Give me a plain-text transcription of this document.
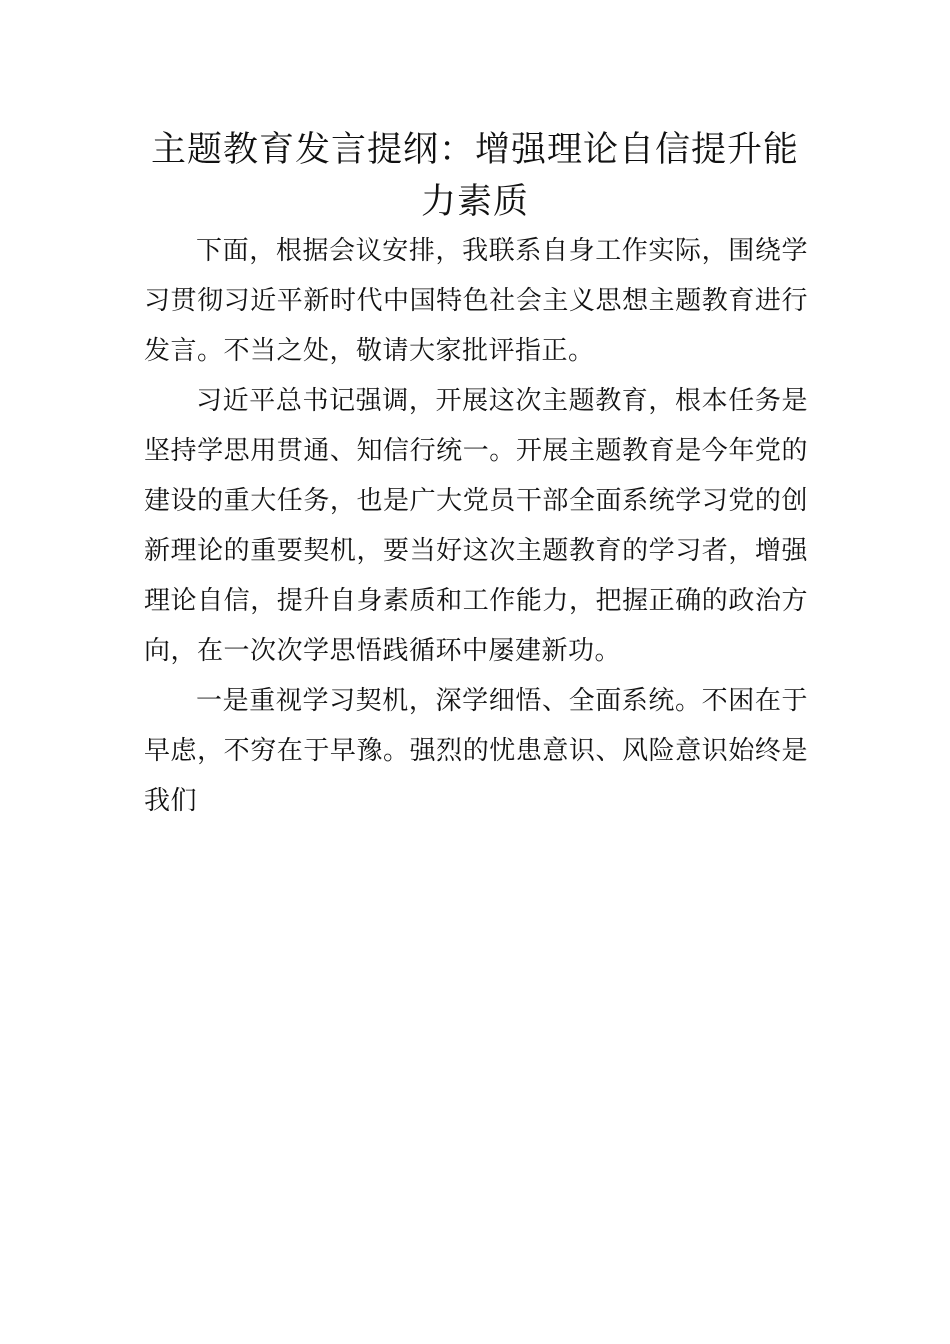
主题教育发言提纲：增强理论自信提升能力素质

下面，根据会议安排，我联系自身工作实际，围绕学习贯彻习近平新时代中国特色社会主义思想主题教育进行发言。不当之处，敬请大家批评指正。

习近平总书记强调，开展这次主题教育，根本任务是坚持学思用贯通、知信行统一。开展主题教育是今年党的建设的重大任务，也是广大党员干部全面系统学习党的创新理论的重要契机，要当好这次主题教育的学习者，增强理论自信，提升自身素质和工作能力，把握正确的政治方向，在一次次学思悟践循环中屡建新功。

一是重视学习契机，深学细悟、全面系统。不困在于早虑，不穷在于早豫。强烈的忧患意识、风险意识始终是我们
